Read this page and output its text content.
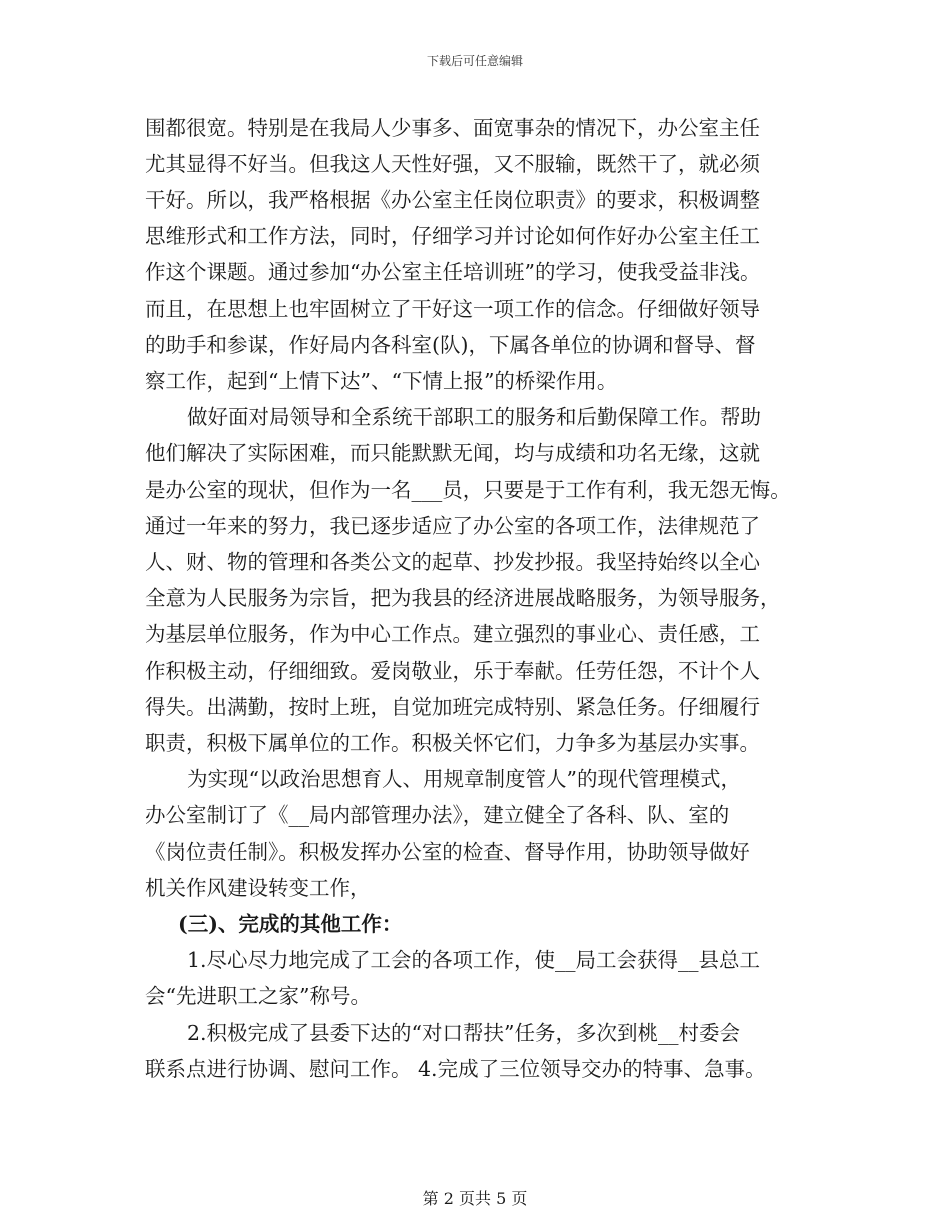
下载后可任意编辑
围都很宽。特别是在我局人少事多、面宽事杂的情况下，办公室主任
尤其显得不好当。但我这人天性好强，又不服输，既然干了，就必须
干好。所以，我严格根据《办公室主任岗位职责》的要求，积极调整
思维形式和工作方法，同时，仔细学习并讨论如何作好办公室主任工
作这个课题。通过参加“办公室主任培训班”的学习，使我受益非浅。
而且，在思想上也牢固树立了干好这一项工作的信念。仔细做好领导
的助手和参谋，作好局内各科室(队)，下属各单位的协调和督导、督
察工作，起到“上情下达”、“下情上报”的桥梁作用。
做好面对局领导和全系统干部职工的服务和后勤保障工作。帮助
他们解决了实际困难，而只能默默无闻，均与成绩和功名无缘，这就
是办公室的现状，但作为一名___员，只要是于工作有利，我无怨无悔。
通过一年来的努力，我已逐步适应了办公室的各项工作，法律规范了
人、财、物的管理和各类公文的起草、抄发抄报。我坚持始终以全心
全意为人民服务为宗旨，把为我县的经济进展战略服务，为领导服务，
为基层单位服务，作为中心工作点。建立强烈的事业心、责任感，工
作积极主动，仔细细致。爱岗敬业，乐于奉献。任劳任怨，不计个人
得失。出满勤，按时上班，自觉加班完成特别、紧急任务。仔细履行
职责，积极下属单位的工作。积极关怀它们，力争多为基层办实事。
为实现“以政治思想育人、用规章制度管人”的现代管理模式，
办公室制订了《__局内部管理办法》，建立健全了各科、队、室的
《岗位责任制》。积极发挥办公室的检查、督导作用，协助领导做好
机关作风建设转变工作，
(三)、完成的其他工作：
1.尽心尽力地完成了工会的各项工作，使__局工会获得__县总工
会“先进职工之家”称号。
2.积极完成了县委下达的“对口帮扶”任务，多次到桃__村委会
联系点进行协调、慰问工作。 4.完成了三位领导交办的特事、急事。
第 2 页共 5 页
